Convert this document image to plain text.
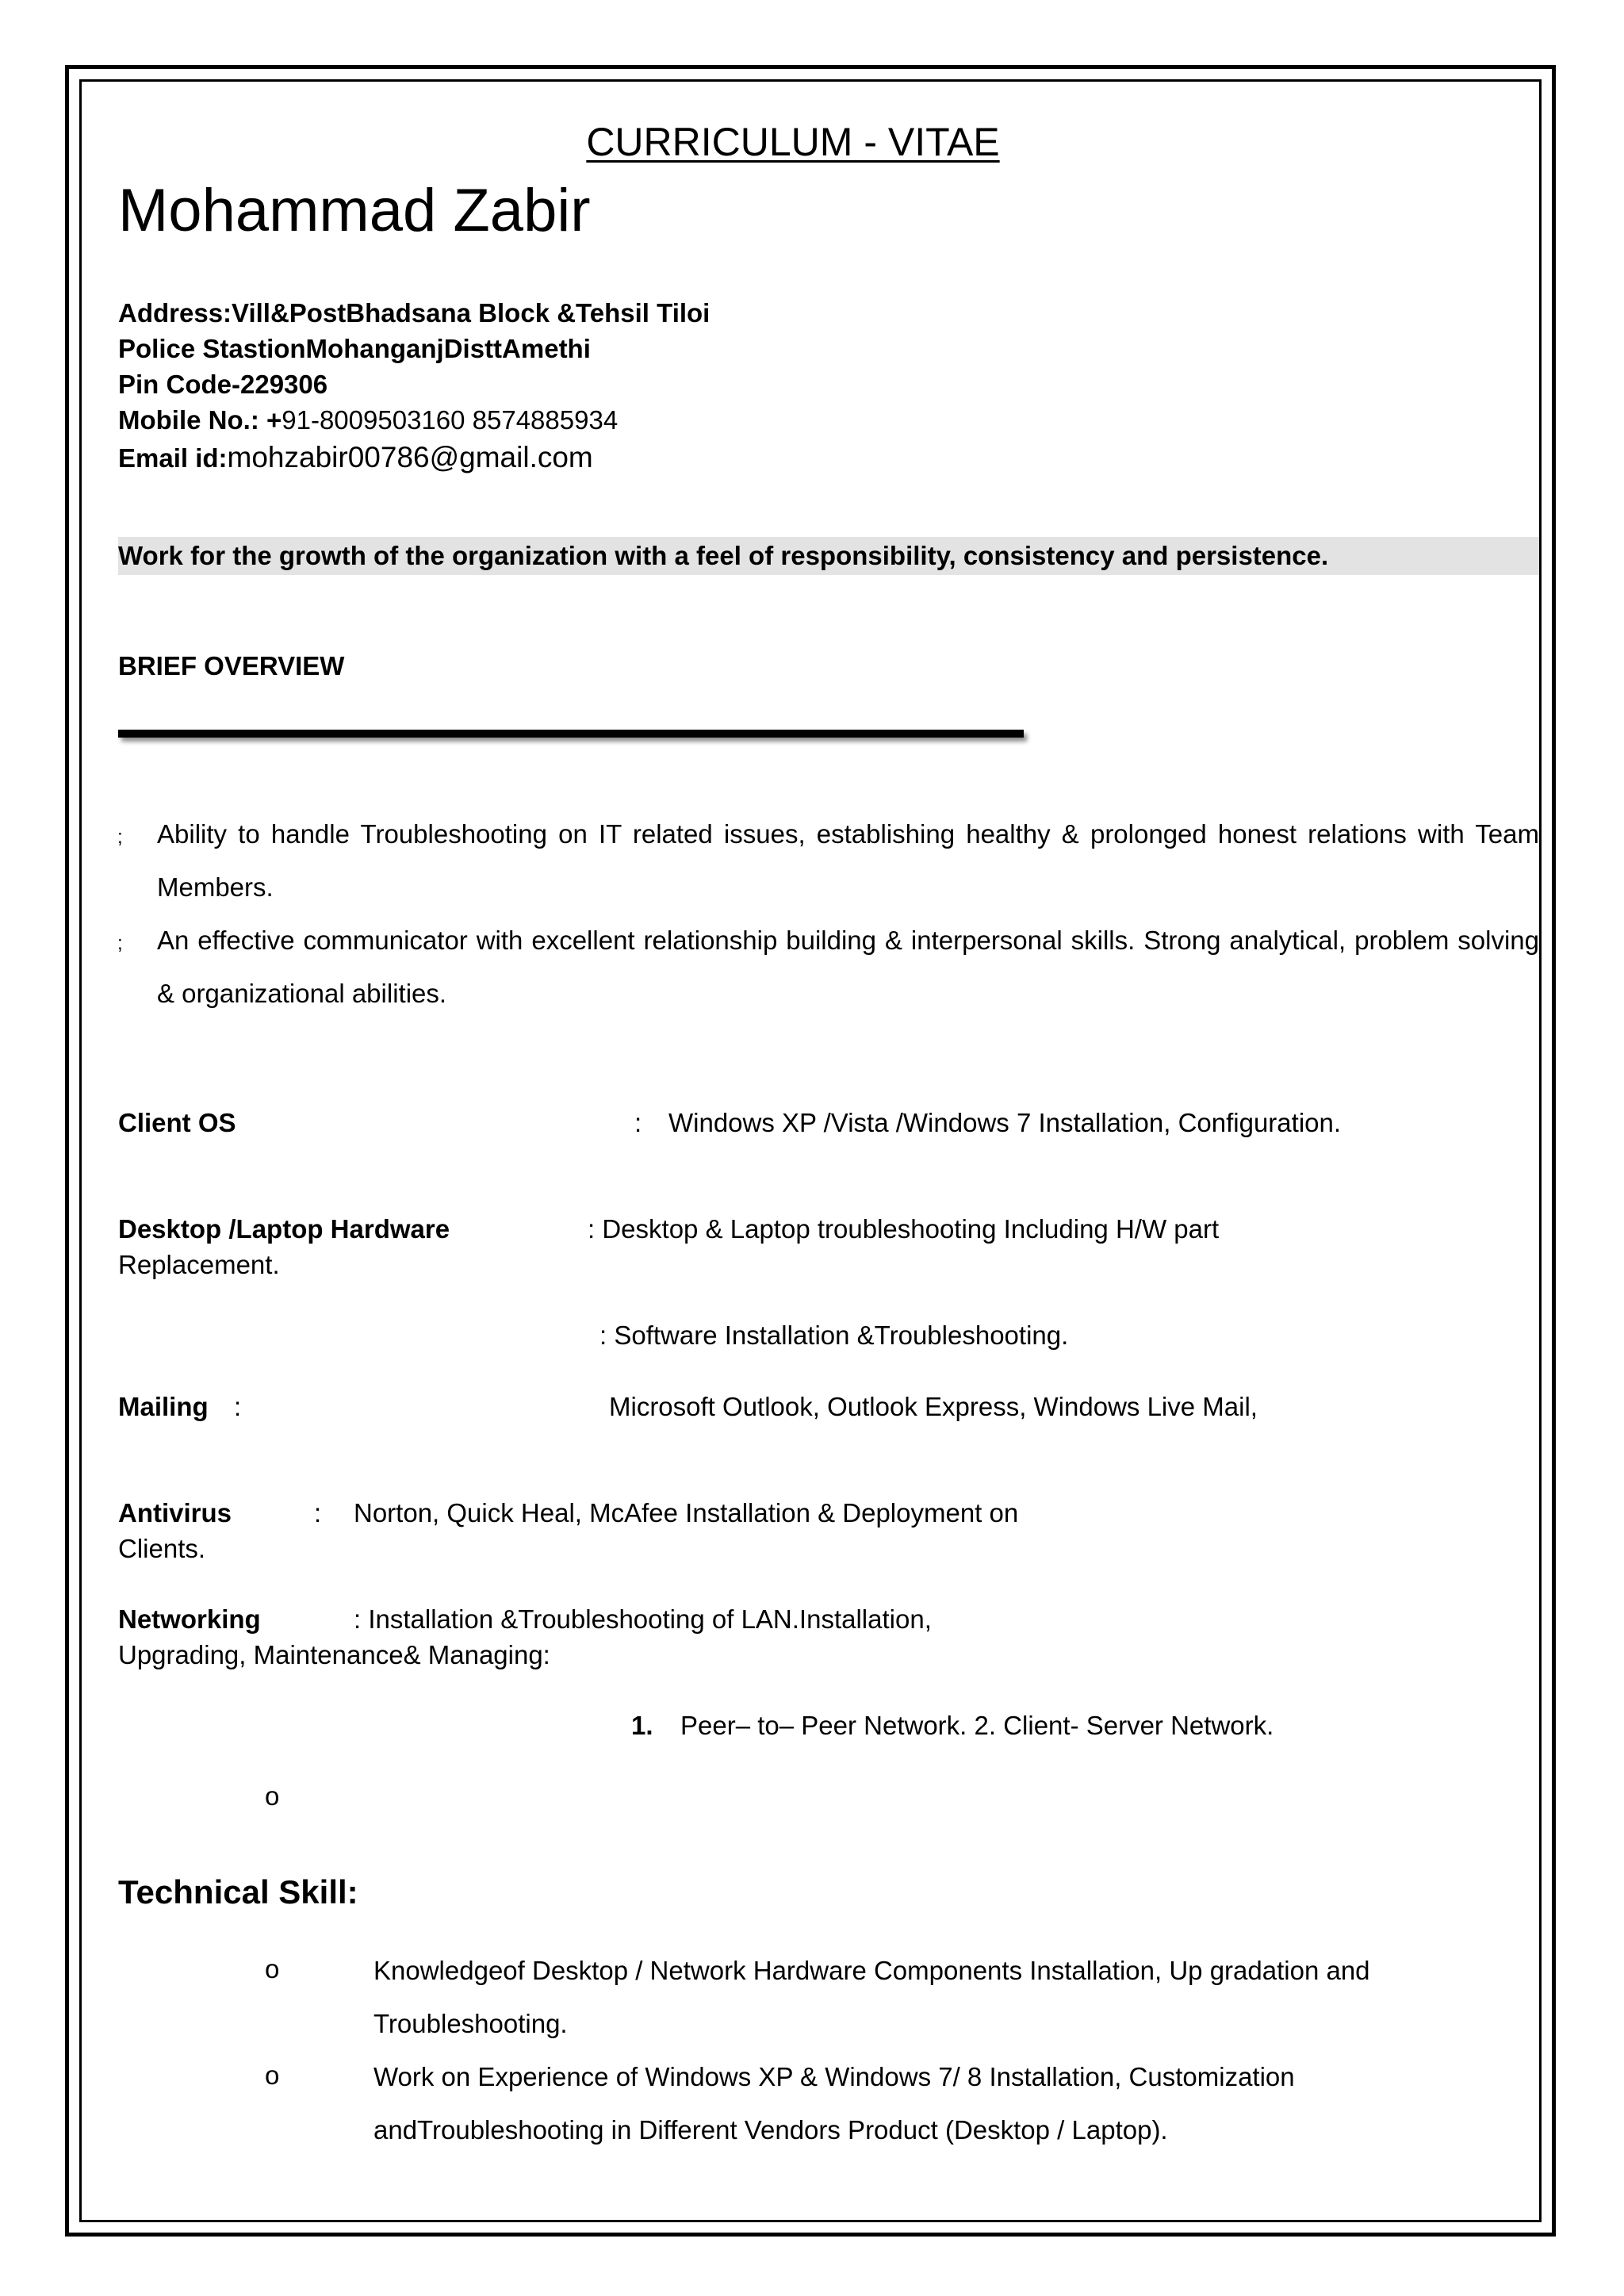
CURRICULUM - VITAE
Mohammad Zabir
Address:Vill&PostBhadsana Block &Tehsil Tiloi
Police StastionMohanganjDisttAmethi
Pin Code-229306
Mobile No.: +91-8009503160 8574885934
Email id:mohzabir00786@gmail.com
Work for the growth of the organization with a feel of responsibility, consistency and persistence.
BRIEF OVERVIEW
; Ability to handle Troubleshooting on IT related issues, establishing healthy & prolonged honest relations with Team Members.
; An effective communicator with excellent relationship building & interpersonal skills. Strong analytical, problem solving & organizational abilities.
Client OS	: Windows XP /Vista /Windows 7 Installation, Configuration.
Desktop /Laptop Hardware	: Desktop & Laptop troubleshooting Including H/W part
Replacement.
: Software Installation &Troubleshooting.
Mailing :	Microsoft Outlook, Outlook Express, Windows Live Mail,
Antivirus	: Norton, Quick Heal, McAfee Installation & Deployment on
Clients.
Networking	: Installation &Troubleshooting of LAN.Installation,
Upgrading, Maintenance& Managing:
1. Peer– to– Peer Network. 2. Client- Server Network.
o
Technical Skill:
o	Knowledgeof Desktop / Network Hardware Components Installation, Up gradation and Troubleshooting.
o	Work on Experience of Windows XP & Windows 7/ 8 Installation, Customization andTroubleshooting in Different Vendors Product (Desktop / Laptop).
